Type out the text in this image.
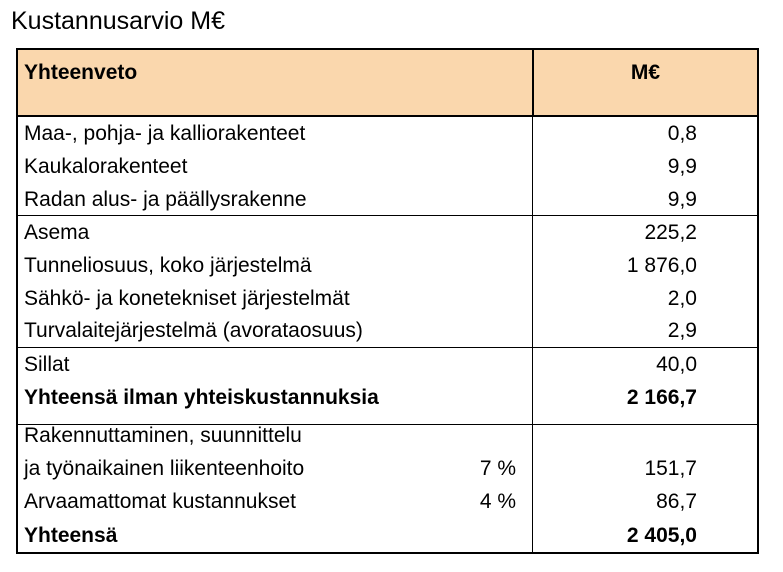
Kustannusarvio M€
Yhteenveto	M€
Maa-, pohja- ja kalliorakenteet	0,8
Kaukalorakenteet	9,9
Radan alus- ja päällysrakenne	9,9
Asema	225,2
Tunneliosuus, koko järjestelmä	1 876,0
Sähkö- ja konetekniset järjestelmät	2,0
Turvalaitejärjestelmä (avorataosuus)	2,9
Sillat	40,0
Yhteensä ilman yhteiskustannuksia	2 166,7
Rakennuttaminen, suunnittelu
ja työnaikainen liikenteenhoito	7 %	151,7
Arvaamattomat kustannukset	4 %	86,7
Yhteensä	2 405,0
